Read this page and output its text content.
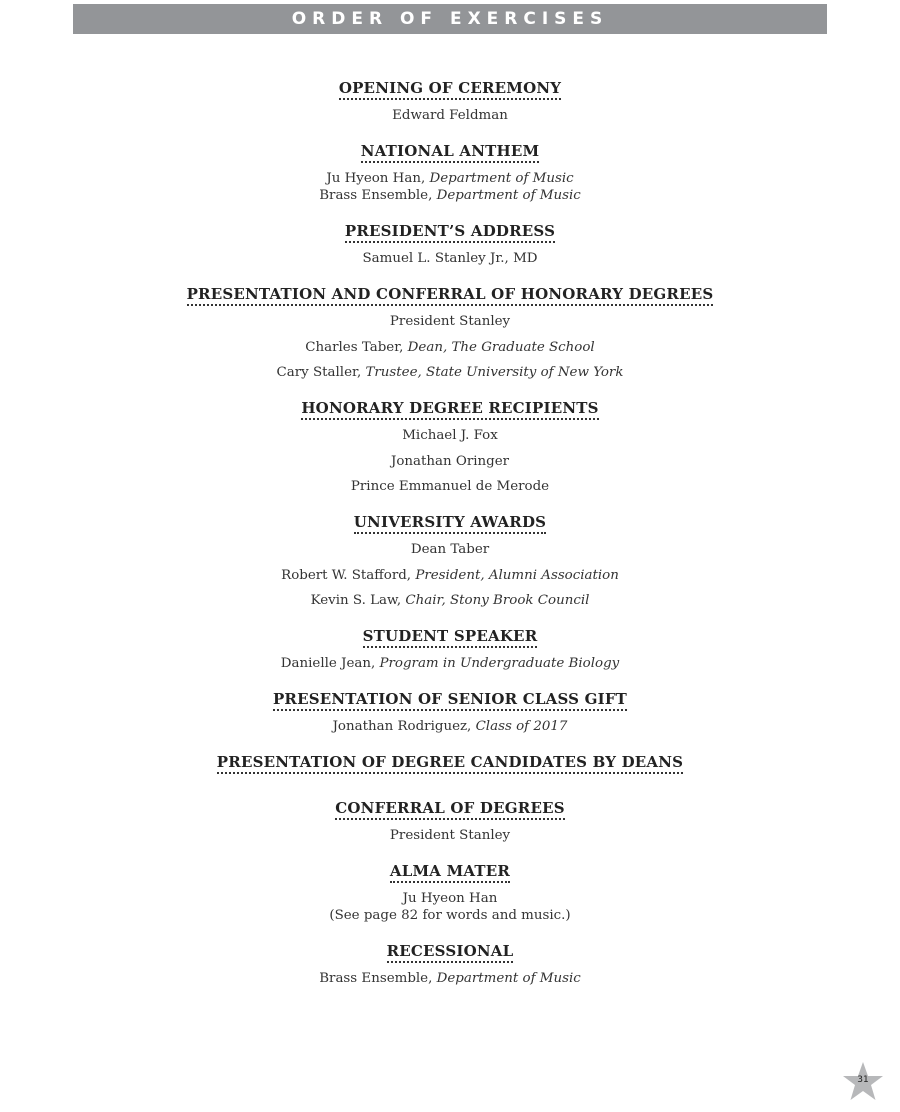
ORDER OF EXERCISES
OPENING OF CEREMONY
Edward Feldman
NATIONAL ANTHEM
Ju Hyeon Han, Department of Music
Brass Ensemble, Department of Music
PRESIDENT’S ADDRESS
Samuel L. Stanley Jr., MD
PRESENTATION AND CONFERRAL OF HONORARY DEGREES
President Stanley
Charles Taber, Dean, The Graduate School
Cary Staller, Trustee, State University of New York
HONORARY DEGREE RECIPIENTS
Michael J. Fox
Jonathan Oringer
Prince Emmanuel de Merode
UNIVERSITY AWARDS
Dean Taber
Robert W. Stafford, President, Alumni Association
Kevin S. Law, Chair, Stony Brook Council
STUDENT SPEAKER
Danielle Jean, Program in Undergraduate Biology
PRESENTATION OF SENIOR CLASS GIFT
Jonathan Rodriguez, Class of 2017
PRESENTATION OF DEGREE CANDIDATES BY DEANS
CONFERRAL OF DEGREES
President Stanley
ALMA MATER
Ju Hyeon Han
(See page 82 for words and music.)
RECESSIONAL
Brass Ensemble, Department of Music
31
